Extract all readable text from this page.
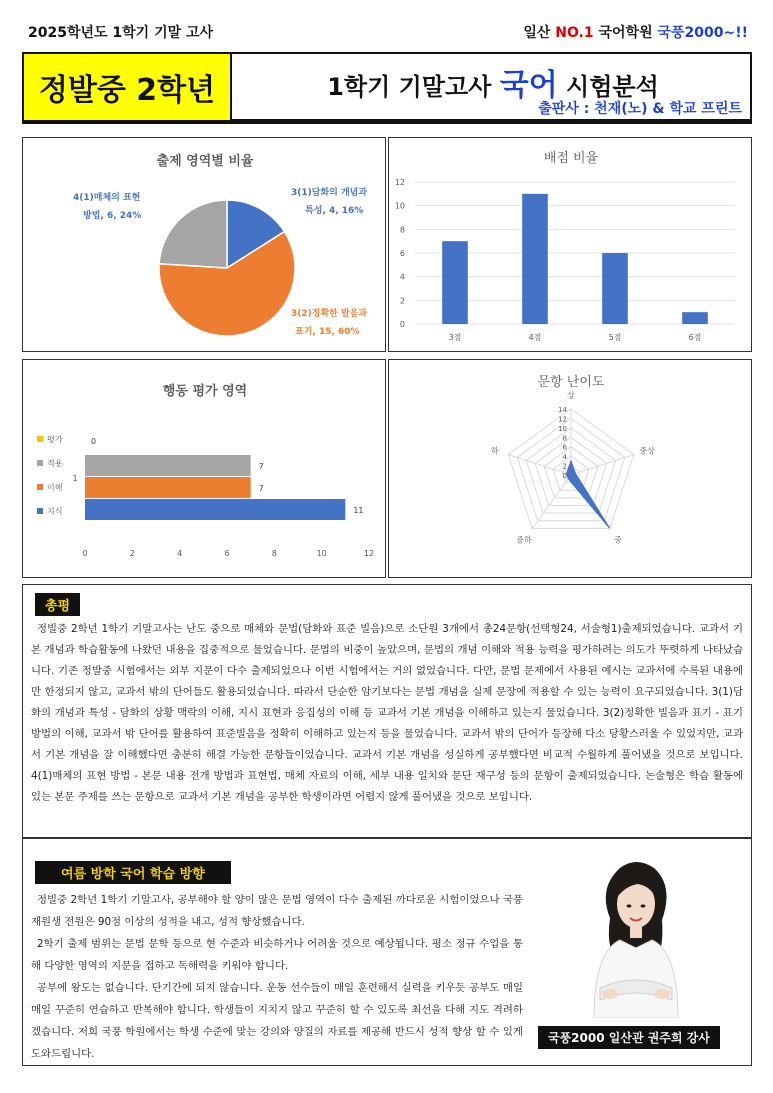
2025학년도 1학기 기말 고사	일산 NO.1 국어학원 국풍2000~!!
정발중 2학년	1학기 기말고사 국어 시험분석
출판사 : 천재(노) & 학교 프린트
출제 영역별 비율
4(1)매체의 표현
방법, 6, 24%
3(1)담화의 개념과
특성, 4, 16%
3(2)정확한 발음과
표기, 15, 60%
배점 비율
0
2
4
6
8
10
12
3점	4점	5점	6점
행동 평가 영역
평가
적용
이해
지식
7
7
11
0
0	2	4	6	8	10	12
1
문항 난이도
0
2
4
6
8
10
12
14
상
중상
중
중하
하
총평
정빌중 2학년 1학기 기말고사는 난도 중으로 매체와 문법(담화와 표준 빌음)으로 소단원 3개에서 총24문항(선택형24, 서술형1)출제되었습니다. 교과서 기본 개념과 학습활동에 나왔던 내용을 집중적으로 물었습니다. 문법의 비중이 높았으며, 문법의 개념 이해와 적용 능력을 평가하려는 의도가 뚜렷하게 나타났습니다. 기존 정발중 시험에서는 외부 지문이 다수 출제되었으나 이번 시험에서는 거의 없었습니다. 다만, 문법 문제에서 사용된 예시는 교과서에 수록된 내용에만 한정되지 않고, 교과서 밖의 단어들도 활용되었습니다. 따라서 단순한 암기보다는 문법 개념을 실제 문장에 적용할 수 있는 능력이 요구되었습니다. 3(1)담화의 개념과 특성 - 담화의 상황 맥락의 이해, 지시 표현과 응집성의 이해 등 교과서 기본 개념을 이해하고 있는지 물었습니다. 3(2)정확한 빌음과 표기 - 표기 방법의 이해, 교과서 밖 단어를 활용하여 표준빌음을 정확히 이해하고 있는지 등을 물었습니다. 교과서 밖의 단어가 등장해 다소 당황스러울 수 있었지만, 교과서 기본 개념을 잘 이해했다면 충분히 해결 가능한 문항들이었습니다. 교과서 기본 개념을 성실하게 공부했다면 비교적 수월하게 풀어냈을 것으로 보입니다. 4(1)매체의 표현 방법 - 본문 내용 전개 방법과 표현법, 매체 자료의 이해, 세부 내용 일치와 문단 재구성 등의 문항이 출제되었습니다. 논술형은 학습 활동에 있는 본문 주제를 쓰는 문항으로 교과서 기본 개념을 공부한 학생이라면 어렵지 않게 풀어냈을 것으로 보입니다.
여름 방학 국어 학습 방향
정빌중 2학년 1학기 기말고사, 공부해야 할 양이 많은 문법 영역이 다수 출제된 까다로운 시험이었으나 국풍 재원생 전원은 90점 이상의 성적을 내고, 성적 향상했습니다.
2학기 출제 범위는 문법 문학 등으로 현 수준과 비슷하거나 어려울 것으로 예상됩니다. 평소 정규 수업을 통해 다양한 영역의 지문을 접하고 독해력을 키워야 합니다.
공부에 왕도는 없습니다. 단기간에 되지 않습니다. 운동 선수들이 매일 훈련해서 실력을 키우듯 공부도 매일 매일 꾸준히 연습하고 반복해야 합니다. 학생들이 지치지 않고 꾸준히 할 수 있도록 최선을 다해 지도 격려하겠습니다. 저희 국풍 학원에서는 학생 수준에 맞는 강의와 양질의 자료를 제공해 반드시 성적 향상 할 수 있게 도와드립니다.
국풍2000 일산관 권주희 강사
